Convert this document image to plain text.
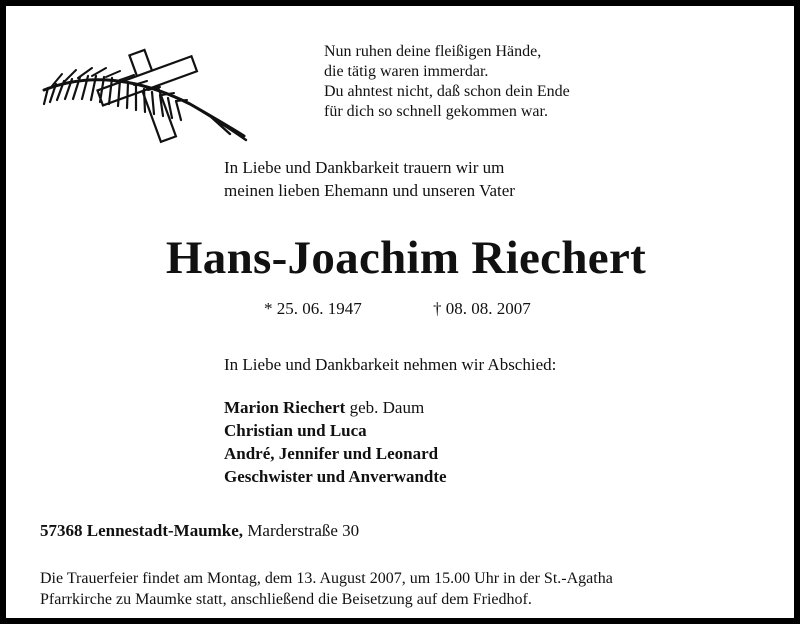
Nun ruhen deine fleißigen Hände,
die tätig waren immerdar.
Du ahntest nicht, daß schon dein Ende
für dich so schnell gekommen war.
In Liebe und Dankbarkeit trauern wir um
meinen lieben Ehemann und unseren Vater
Hans-Joachim Riechert
* 25. 06. 1947	† 08. 08. 2007
In Liebe und Dankbarkeit nehmen wir Abschied:
Marion Riechert geb. Daum
Christian und Luca
André, Jennifer und Leonard
Geschwister und Anverwandte
57368 Lennestadt-Maumke, Marderstraße 30
Die Trauerfeier findet am Montag, dem 13. August 2007, um 15.00 Uhr in der St.-Agatha
Pfarrkirche zu Maumke statt, anschließend die Beisetzung auf dem Friedhof.
